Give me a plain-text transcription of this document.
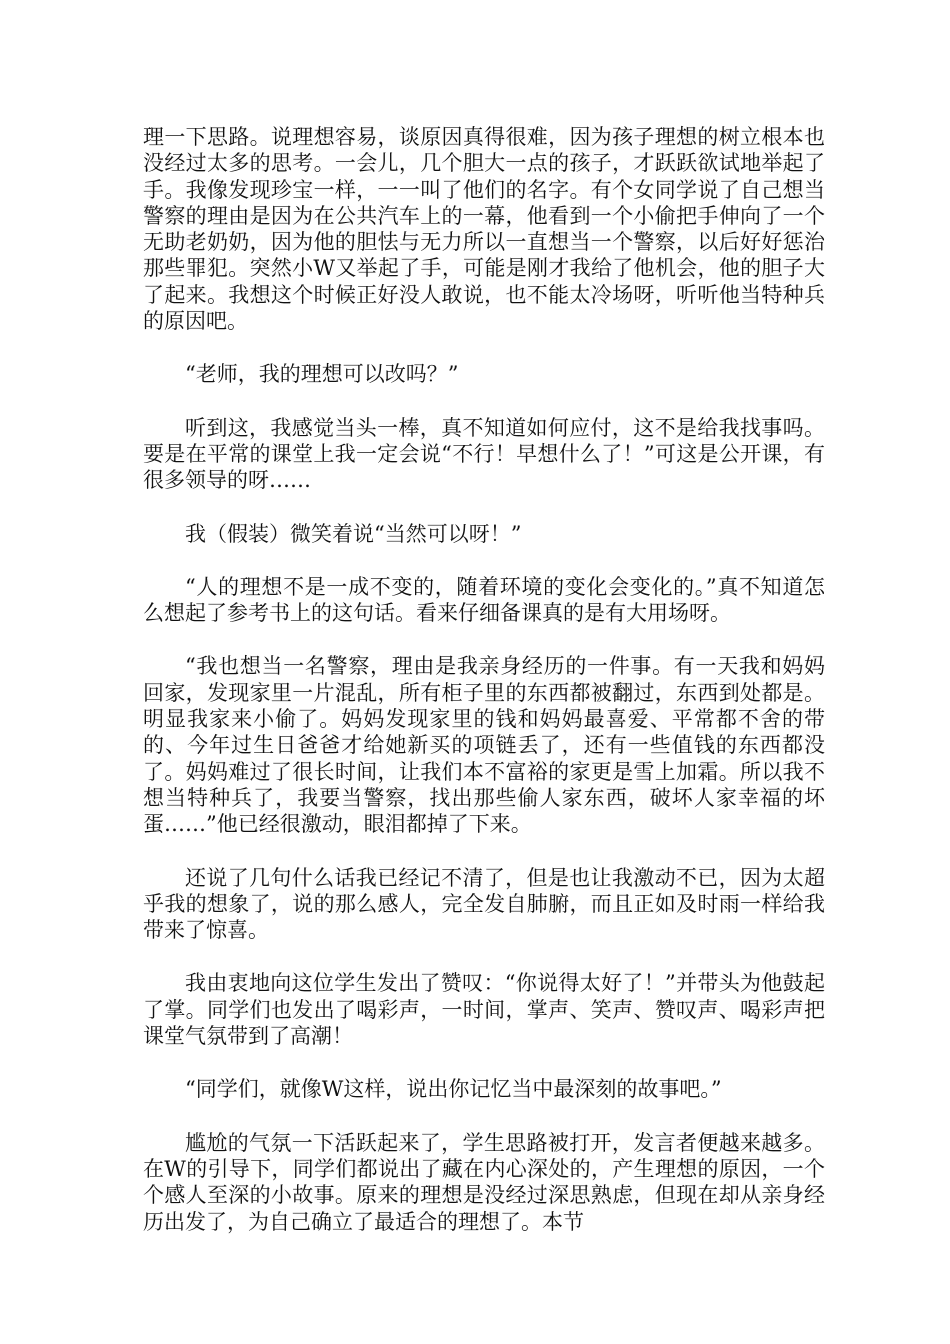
理一下思路。说理想容易，谈原因真得很难，因为孩子理想的树立根本也没经过太多的思考。一会儿，几个胆大一点的孩子，才跃跃欲试地举起了手。我像发现珍宝一样，一一叫了他们的名字。有个女同学说了自己想当警察的理由是因为在公共汽车上的一幕，他看到一个小偷把手伸向了一个无助老奶奶，因为他的胆怯与无力所以一直想当一个警察，以后好好惩治那些罪犯。突然小W又举起了手，可能是刚才我给了他机会，他的胆子大了起来。我想这个时候正好没人敢说，也不能太冷场呀，听听他当特种兵的原因吧。

“老师，我的理想可以改吗？”

听到这，我感觉当头一棒，真不知道如何应付，这不是给我找事吗。要是在平常的课堂上我一定会说“不行！早想什么了！”可这是公开课，有很多领导的呀……

我（假装）微笑着说“当然可以呀！”

“人的理想不是一成不变的，随着环境的变化会变化的。”真不知道怎么想起了参考书上的这句话。看来仔细备课真的是有大用场呀。

“我也想当一名警察，理由是我亲身经历的一件事。有一天我和妈妈回家，发现家里一片混乱，所有柜子里的东西都被翻过，东西到处都是。明显我家来小偷了。妈妈发现家里的钱和妈妈最喜爱、平常都不舍的带的、今年过生日爸爸才给她新买的项链丢了，还有一些值钱的东西都没了。妈妈难过了很长时间，让我们本不富裕的家更是雪上加霜。所以我不想当特种兵了，我要当警察，找出那些偷人家东西，破坏人家幸福的坏蛋……”他已经很激动，眼泪都掉了下来。

还说了几句什么话我已经记不清了，但是也让我激动不已，因为太超乎我的想象了，说的那么感人，完全发自肺腑，而且正如及时雨一样给我带来了惊喜。

我由衷地向这位学生发出了赞叹：“你说得太好了！”并带头为他鼓起了掌。同学们也发出了喝彩声，一时间，掌声、笑声、赞叹声、喝彩声把课堂气氛带到了高潮！

“同学们，就像W这样，说出你记忆当中最深刻的故事吧。”

尴尬的气氛一下活跃起来了，学生思路被打开，发言者便越来越多。在W的引导下，同学们都说出了藏在内心深处的，产生理想的原因，一个个感人至深的小故事。原来的理想是没经过深思熟虑，但现在却从亲身经历出发了，为自己确立了最适合的理想了。本节
